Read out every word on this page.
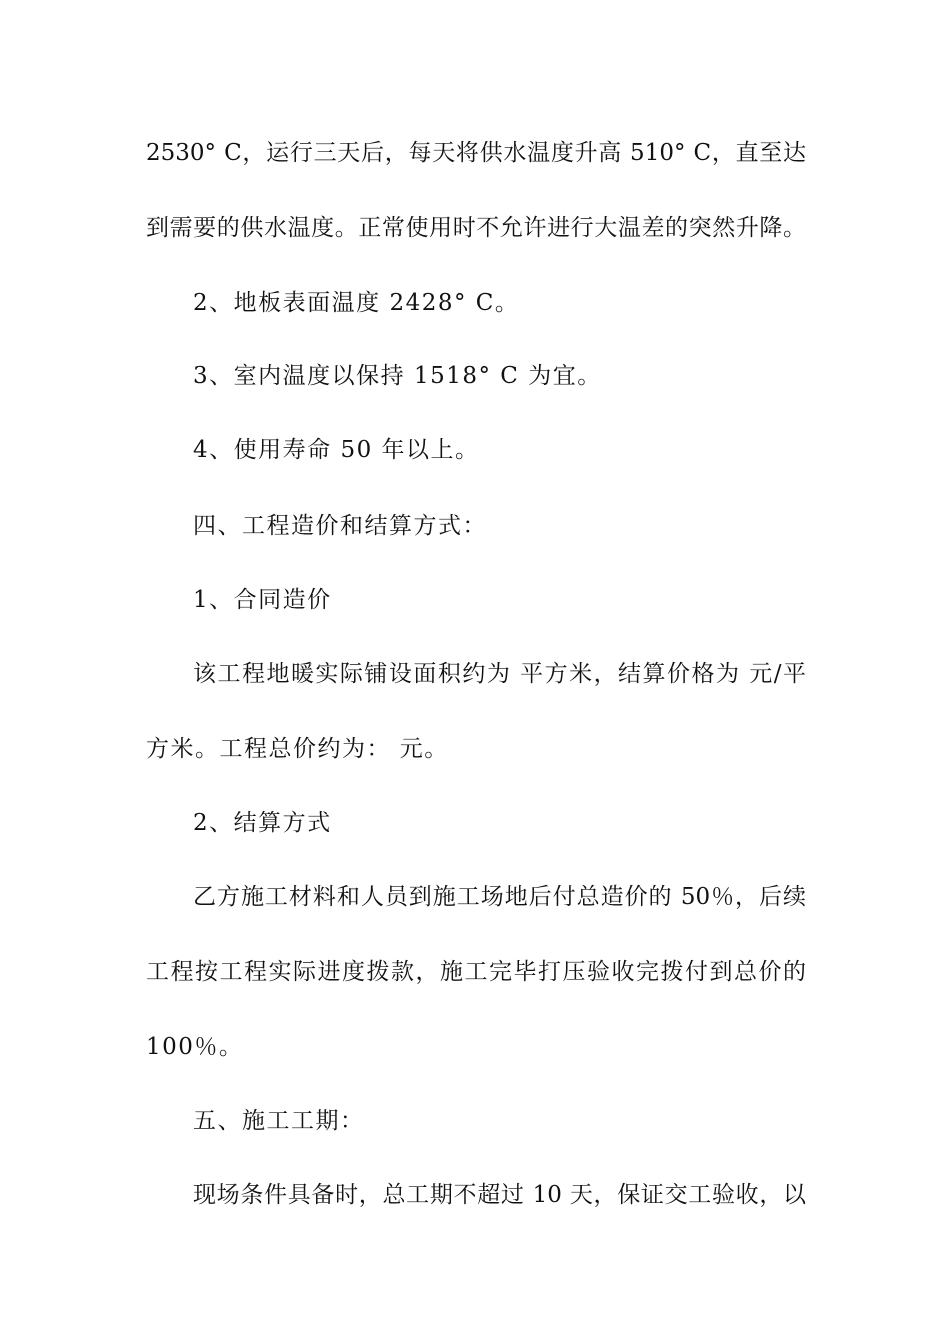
2530° C，运行三天后，每天将供水温度升高 510° C，直至达
到需要的供水温度。正常使用时不允许进行大温差的突然升降。
2、地板表面温度 2428° C。
3、室内温度以保持 1518° C 为宜。
4、使用寿命 50 年以上。
四、工程造价和结算方式：
1、合同造价
该工程地暖实际铺设面积约为 平方米，结算价格为 元/平
方米。工程总价约为： 元。
2、结算方式
乙方施工材料和人员到施工场地后付总造价的 50％，后续
工程按工程实际进度拨款，施工完毕打压验收完拨付到总价的
100％。
五、施工工期：
现场条件具备时，总工期不超过 10 天，保证交工验收，以
